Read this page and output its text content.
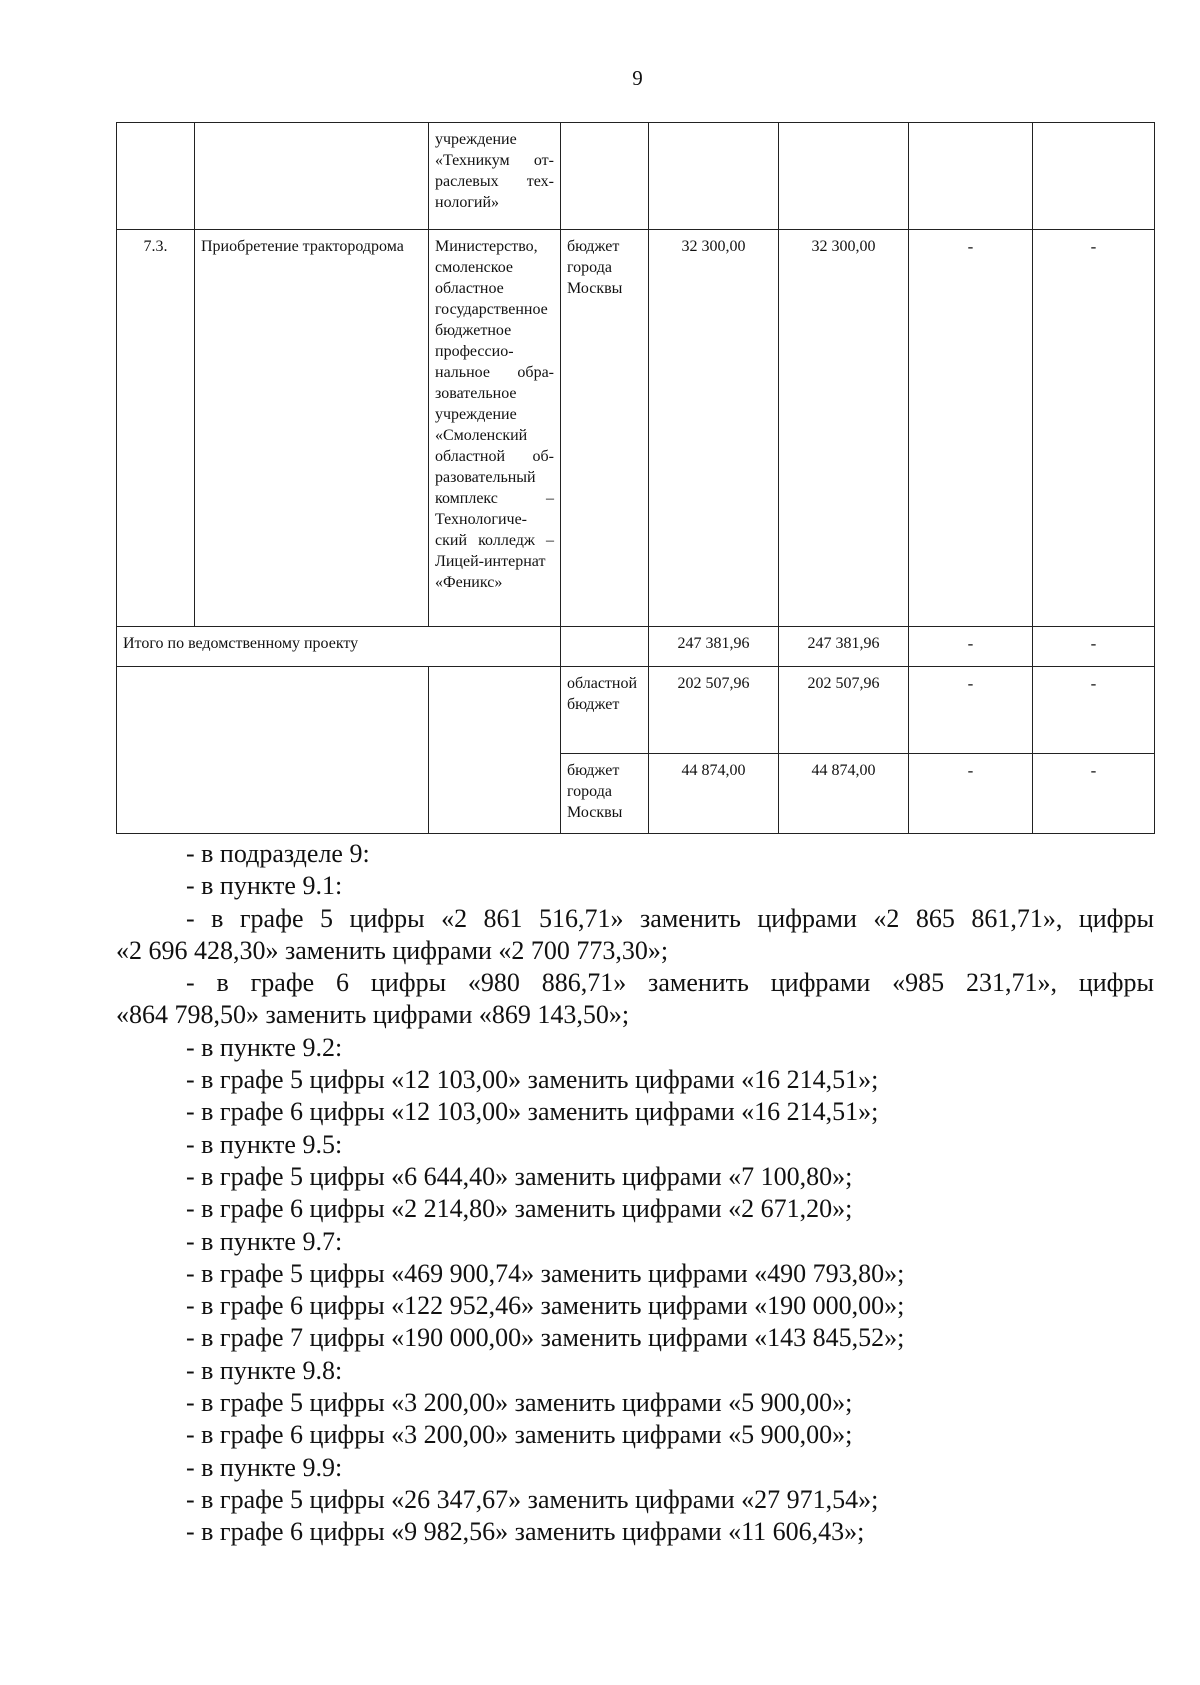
9
		учреждение «Техникум отраслевых технологий»					
7.3.	Приобретение трактородрома	Министерство, смоленское областное государственное бюджетное профессиональное образовательное учреждение «Смоленский областной образовательный комплекс – Технологический колледж – Лицей-интернат «Феникс»	бюджет города Москвы	32 300,00	32 300,00	-	-
Итого по ведомственному проекту				247 381,96	247 381,96	-	-
			областной бюджет	202 507,96	202 507,96	-	-
			бюджет города Москвы	44 874,00	44 874,00	-	-
- в подразделе 9:
- в пункте 9.1:
- в графе 5 цифры «2 861 516,71» заменить цифрами «2 865 861,71», цифры
«2 696 428,30» заменить цифрами «2 700 773,30»;
- в графе 6 цифры «980 886,71» заменить цифрами «985 231,71», цифры
«864 798,50» заменить цифрами «869 143,50»;
- в пункте 9.2:
- в графе 5 цифры «12 103,00» заменить цифрами «16 214,51»;
- в графе 6 цифры «12 103,00» заменить цифрами «16 214,51»;
- в пункте 9.5:
- в графе 5 цифры «6 644,40» заменить цифрами «7 100,80»;
- в графе 6 цифры «2 214,80» заменить цифрами «2 671,20»;
- в пункте 9.7:
- в графе 5 цифры «469 900,74» заменить цифрами «490 793,80»;
- в графе 6 цифры «122 952,46» заменить цифрами «190 000,00»;
- в графе 7 цифры «190 000,00» заменить цифрами «143 845,52»;
- в пункте 9.8:
- в графе 5 цифры «3 200,00» заменить цифрами «5 900,00»;
- в графе 6 цифры «3 200,00» заменить цифрами «5 900,00»;
- в пункте 9.9:
- в графе 5 цифры «26 347,67» заменить цифрами «27 971,54»;
- в графе 6 цифры «9 982,56» заменить цифрами «11 606,43»;
